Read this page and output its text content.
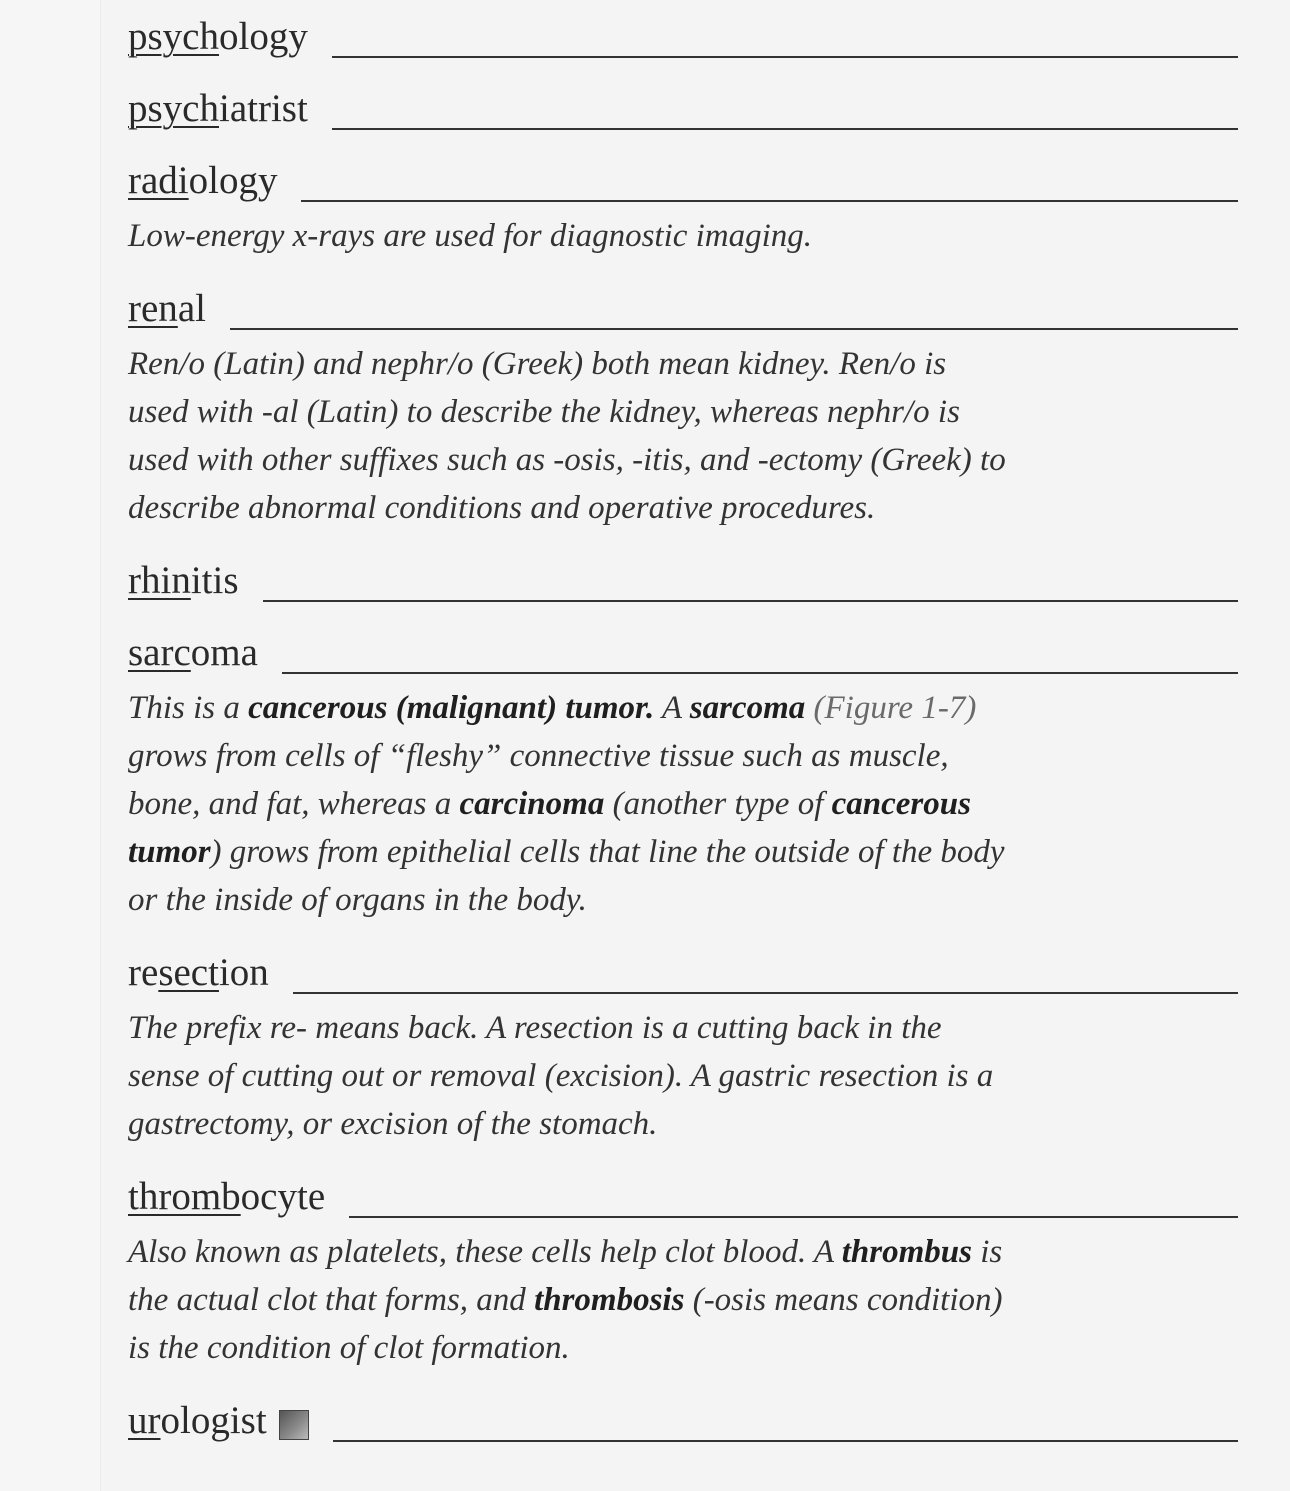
psychology
psychiatrist
radiology

Low-energy x-rays are used for diagnostic imaging.

renal

Ren/o (Latin) and nephr/o (Greek) both mean kidney. Ren/o is
used with -al (Latin) to describe the kidney, whereas nephr/o is
used with other suffixes such as -osis, -itis, and -ectomy (Greek) to
describe abnormal conditions and operative procedures.

rhinitis
sarcoma

This is a cancerous (malignant) tumor. A sarcoma (Figure 1-7)
grows from cells of “fleshy” connective tissue such as muscle,
bone, and fat, whereas a carcinoma (another type of cancerous
tumor) grows from epithelial cells that line the outside of the body
or the inside of organs in the body.

resection

The prefix re- means back. A resection is a cutting back in the
sense of cutting out or removal (excision). A gastric resection is a
gastrectomy, or excision of the stomach.

thrombocyte

Also known as platelets, these cells help clot blood. A thrombus is
the actual clot that forms, and thrombosis (-osis means condition)
is the condition of clot formation.

urologist
